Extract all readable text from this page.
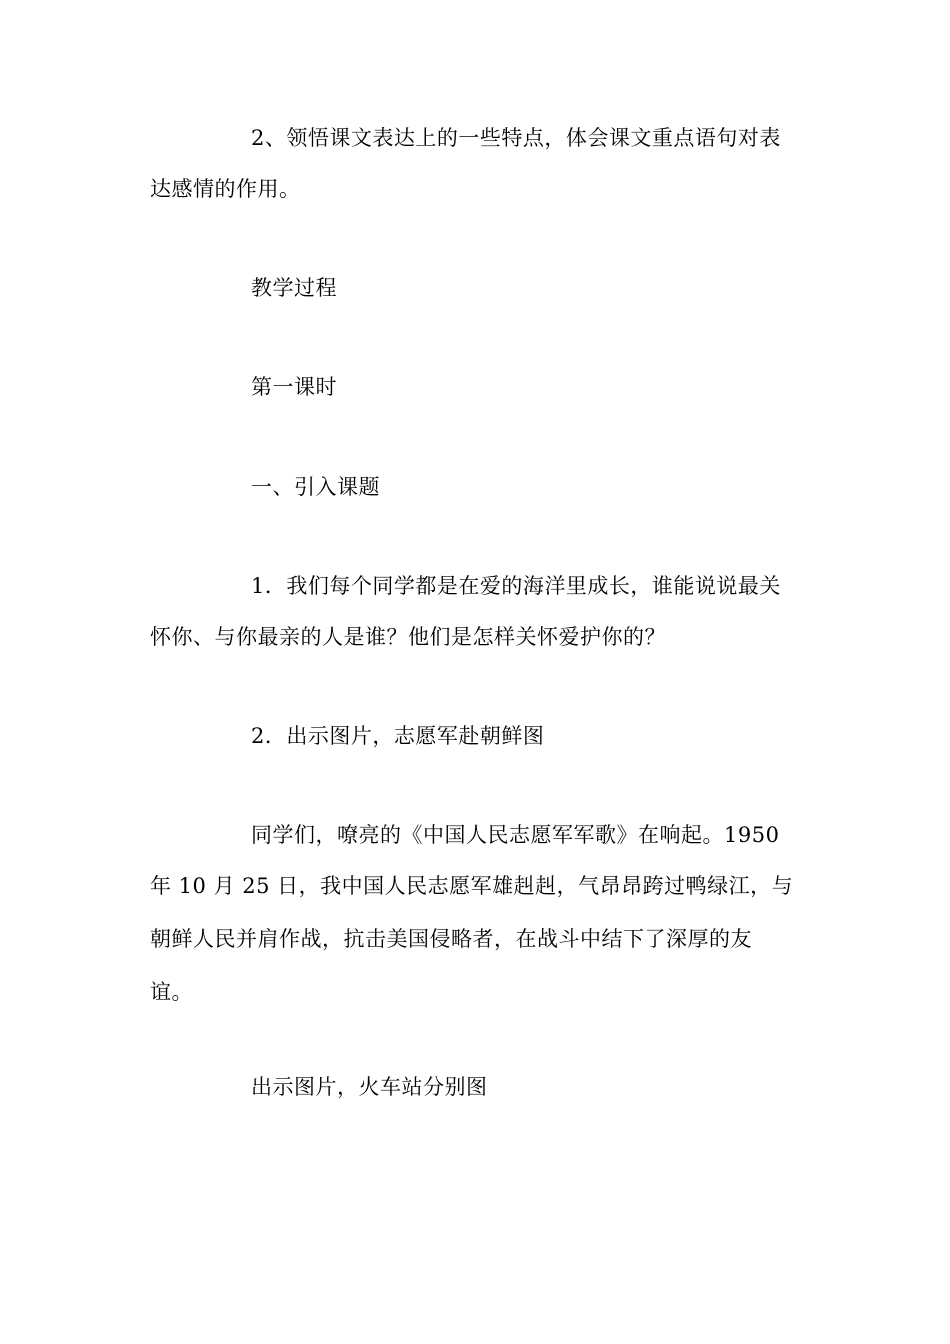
2、领悟课文表达上的一些特点，体会课文重点语句对表
达感情的作用。
教学过程
第一课时
一、引入课题
1．我们每个同学都是在爱的海洋里成长，谁能说说最关
怀你、与你最亲的人是谁？他们是怎样关怀爱护你的？
2．出示图片，志愿军赴朝鲜图
同学们，嘹亮的《中国人民志愿军军歌》在响起。1950
年 10 月 25 日，我中国人民志愿军雄赳赳，气昂昂跨过鸭绿江，与
朝鲜人民并肩作战，抗击美国侵略者，在战斗中结下了深厚的友
谊。
出示图片，火车站分别图
